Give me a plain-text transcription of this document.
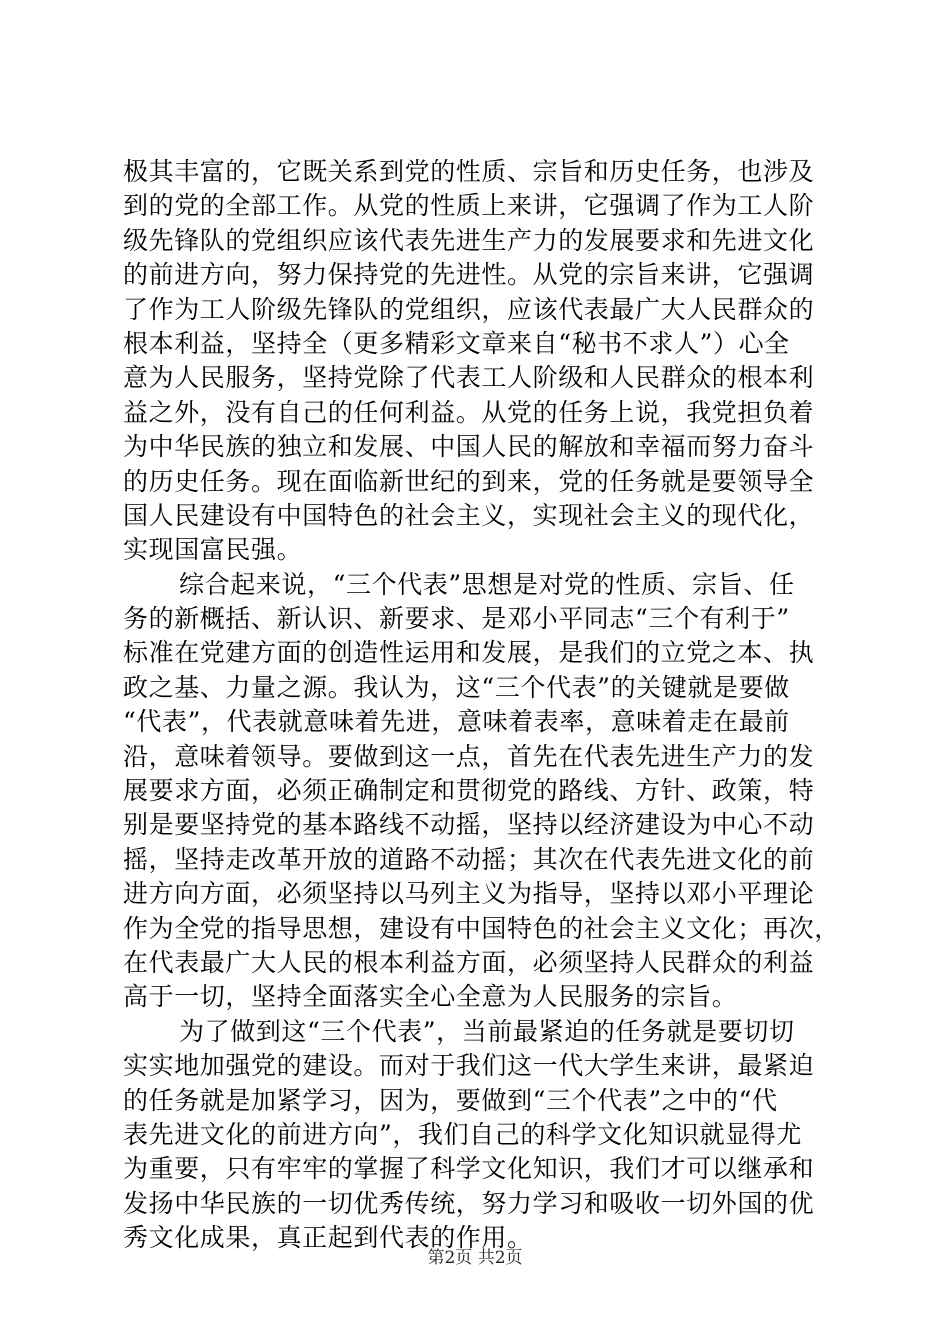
极其丰富的，它既关系到党的性质、宗旨和历史任务，也涉及
到的党的全部工作。从党的性质上来讲，它强调了作为工人阶
级先锋队的党组织应该代表先进生产力的发展要求和先进文化
的前进方向，努力保持党的先进性。从党的宗旨来讲，它强调
了作为工人阶级先锋队的党组织，应该代表最广大人民群众的
根本利益，坚持全（更多精彩文章来自“秘书不求人”）心全
意为人民服务，坚持党除了代表工人阶级和人民群众的根本利
益之外，没有自己的任何利益。从党的任务上说，我党担负着
为中华民族的独立和发展、中国人民的解放和幸福而努力奋斗
的历史任务。现在面临新世纪的到来，党的任务就是要领导全
国人民建设有中国特色的社会主义，实现社会主义的现代化，
实现国富民强。
综合起来说，“三个代表”思想是对党的性质、宗旨、任
务的新概括、新认识、新要求、是邓小平同志“三个有利于”
标准在党建方面的创造性运用和发展，是我们的立党之本、执
政之基、力量之源。我认为，这“三个代表”的关键就是要做
“代表”，代表就意味着先进，意味着表率，意味着走在最前
沿，意味着领导。要做到这一点，首先在代表先进生产力的发
展要求方面，必须正确制定和贯彻党的路线、方针、政策，特
别是要坚持党的基本路线不动摇，坚持以经济建设为中心不动
摇，坚持走改革开放的道路不动摇；其次在代表先进文化的前
进方向方面，必须坚持以马列主义为指导，坚持以邓小平理论
作为全党的指导思想，建设有中国特色的社会主义文化；再次，
在代表最广大人民的根本利益方面，必须坚持人民群众的利益
高于一切，坚持全面落实全心全意为人民服务的宗旨。
为了做到这“三个代表”，当前最紧迫的任务就是要切切
实实地加强党的建设。而对于我们这一代大学生来讲，最紧迫
的任务就是加紧学习，因为，要做到“三个代表”之中的“代
表先进文化的前进方向”，我们自己的科学文化知识就显得尤
为重要，只有牢牢的掌握了科学文化知识，我们才可以继承和
发扬中华民族的一切优秀传统，努力学习和吸收一切外国的优
秀文化成果，真正起到代表的作用。
第2页 共2页
